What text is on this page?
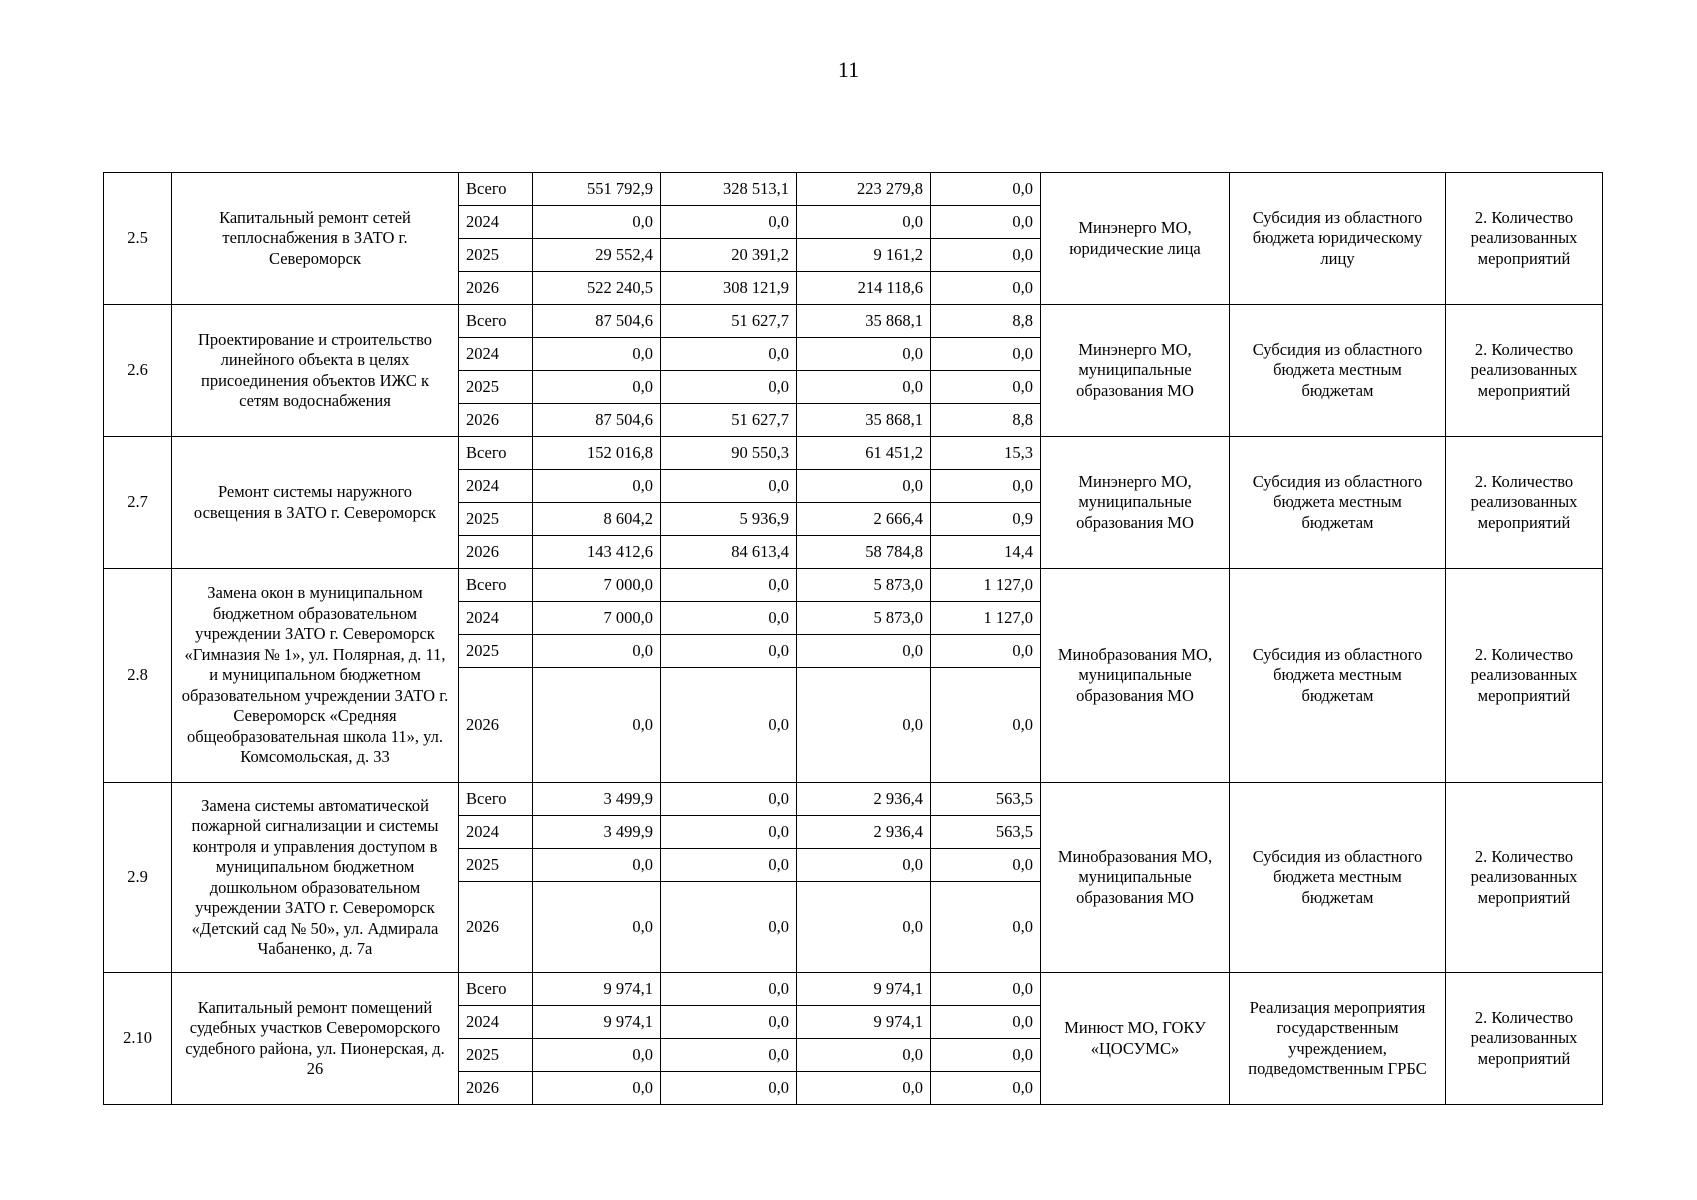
11
2.5	Капитальный ремонт сетей теплоснабжения в ЗАТО г. Североморск	Всего	551 792,9	328 513,1	223 279,8	0,0	Минэнерго МО, юридические лица	Субсидия из областного бюджета юридическому лицу	2. Количество реализованных мероприятий
		2024	0,0	0,0	0,0	0,0			
		2025	29 552,4	20 391,2	9 161,2	0,0			
		2026	522 240,5	308 121,9	214 118,6	0,0			
2.6	Проектирование и строительство линейного объекта в целях присоединения объектов ИЖС к сетям водоснабжения	Всего	87 504,6	51 627,7	35 868,1	8,8	Минэнерго МО, муниципальные образования МО	Субсидия из областного бюджета местным бюджетам	2. Количество реализованных мероприятий
		2024	0,0	0,0	0,0	0,0			
		2025	0,0	0,0	0,0	0,0			
		2026	87 504,6	51 627,7	35 868,1	8,8			
2.7	Ремонт системы наружного освещения в ЗАТО г. Североморск	Всего	152 016,8	90 550,3	61 451,2	15,3	Минэнерго МО, муниципальные образования МО	Субсидия из областного бюджета местным бюджетам	2. Количество реализованных мероприятий
		2024	0,0	0,0	0,0	0,0			
		2025	8 604,2	5 936,9	2 666,4	0,9			
		2026	143 412,6	84 613,4	58 784,8	14,4			
2.8	Замена окон в муниципальном бюджетном образовательном учреждении ЗАТО г. Североморск «Гимназия № 1», ул. Полярная, д. 11, и муниципальном бюджетном образовательном учреждении ЗАТО г. Североморск «Средняя общеобразовательная школа 11», ул. Комсомольская, д. 33	Всего	7 000,0	0,0	5 873,0	1 127,0	Минобразования МО, муниципальные образования МО	Субсидия из областного бюджета местным бюджетам	2. Количество реализованных мероприятий
		2024	7 000,0	0,0	5 873,0	1 127,0			
		2025	0,0	0,0	0,0	0,0			
		2026	0,0	0,0	0,0	0,0			
2.9	Замена системы автоматической пожарной сигнализации и системы контроля и управления доступом в муниципальном бюджетном дошкольном образовательном учреждении ЗАТО г. Североморск «Детский сад № 50», ул. Адмирала Чабаненко, д. 7а	Всего	3 499,9	0,0	2 936,4	563,5	Минобразования МО, муниципальные образования МО	Субсидия из областного бюджета местным бюджетам	2. Количество реализованных мероприятий
		2024	3 499,9	0,0	2 936,4	563,5			
		2025	0,0	0,0	0,0	0,0			
		2026	0,0	0,0	0,0	0,0			
2.10	Капитальный ремонт помещений судебных участков Североморского судебного района, ул. Пионерская, д. 26	Всего	9 974,1	0,0	9 974,1	0,0	Минюст МО, ГОКУ «ЦОСУМС»	Реализация мероприятия государственным учреждением, подведомственным ГРБС	2. Количество реализованных мероприятий
		2024	9 974,1	0,0	9 974,1	0,0			
		2025	0,0	0,0	0,0	0,0			
		2026	0,0	0,0	0,0	0,0			
